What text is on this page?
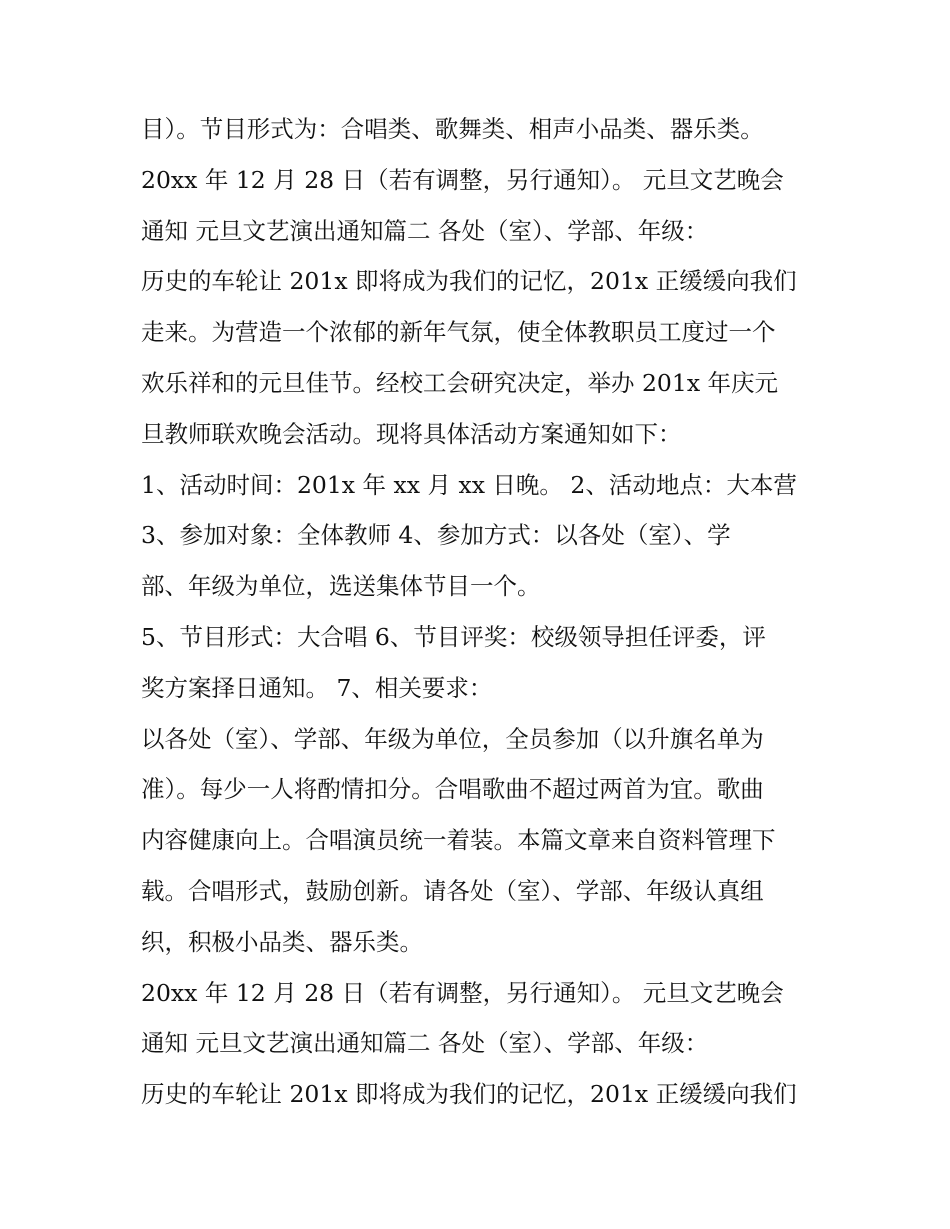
目）。节目形式为：合唱类、歌舞类、相声小品类、器乐类。
20xx 年 12 月 28 日（若有调整，另行通知）。 元旦文艺晚会
通知 元旦文艺演出通知篇二 各处（室）、学部、年级：
历史的车轮让 201x 即将成为我们的记忆，201x 正缓缓向我们
走来。为营造一个浓郁的新年气氛，使全体教职员工度过一个
欢乐祥和的元旦佳节。经校工会研究决定，举办 201x 年庆元
旦教师联欢晚会活动。现将具体活动方案通知如下：
1、活动时间：201x 年 xx 月 xx 日晚。 2、活动地点：大本营
3、参加对象：全体教师 4、参加方式：以各处（室）、学
部、年级为单位，选送集体节目一个。
5、节目形式：大合唱 6、节目评奖：校级领导担任评委，评
奖方案择日通知。 7、相关要求：
以各处（室）、学部、年级为单位，全员参加（以升旗名单为
准）。每少一人将酌情扣分。合唱歌曲不超过两首为宜。歌曲
内容健康向上。合唱演员统一着装。本篇文章来自资料管理下
载。合唱形式，鼓励创新。请各处（室）、学部、年级认真组
织，积极小品类、器乐类。
20xx 年 12 月 28 日（若有调整，另行通知）。 元旦文艺晚会
通知 元旦文艺演出通知篇二 各处（室）、学部、年级：
历史的车轮让 201x 即将成为我们的记忆，201x 正缓缓向我们
